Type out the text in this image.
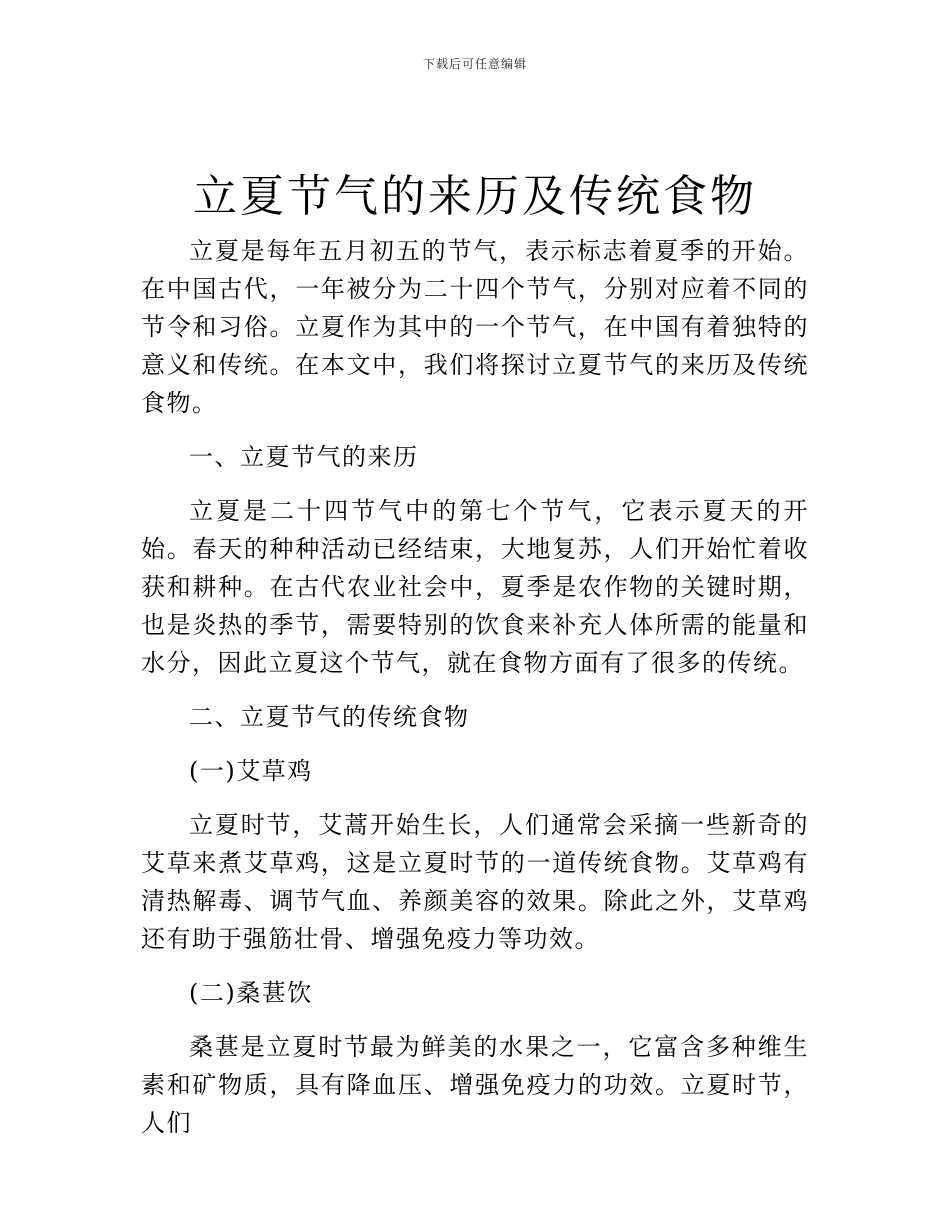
下载后可任意编辑
立夏节气的来历及传统食物

立夏是每年五月初五的节气，表示标志着夏季的开始。在中国古代，一年被分为二十四个节气，分别对应着不同的节令和习俗。立夏作为其中的一个节气，在中国有着独特的意义和传统。在本文中，我们将探讨立夏节气的来历及传统食物。

一、立夏节气的来历

立夏是二十四节气中的第七个节气，它表示夏天的开始。春天的种种活动已经结束，大地复苏，人们开始忙着收获和耕种。在古代农业社会中，夏季是农作物的关键时期，也是炎热的季节，需要特别的饮食来补充人体所需的能量和水分，因此立夏这个节气，就在食物方面有了很多的传统。

二、立夏节气的传统食物

(一)艾草鸡

立夏时节，艾蒿开始生长，人们通常会采摘一些新奇的艾草来煮艾草鸡，这是立夏时节的一道传统食物。艾草鸡有清热解毒、调节气血、养颜美容的效果。除此之外，艾草鸡还有助于强筋壮骨、增强免疫力等功效。

(二)桑葚饮

桑葚是立夏时节最为鲜美的水果之一，它富含多种维生素和矿物质，具有降血压、增强免疫力的功效。立夏时节，人们
